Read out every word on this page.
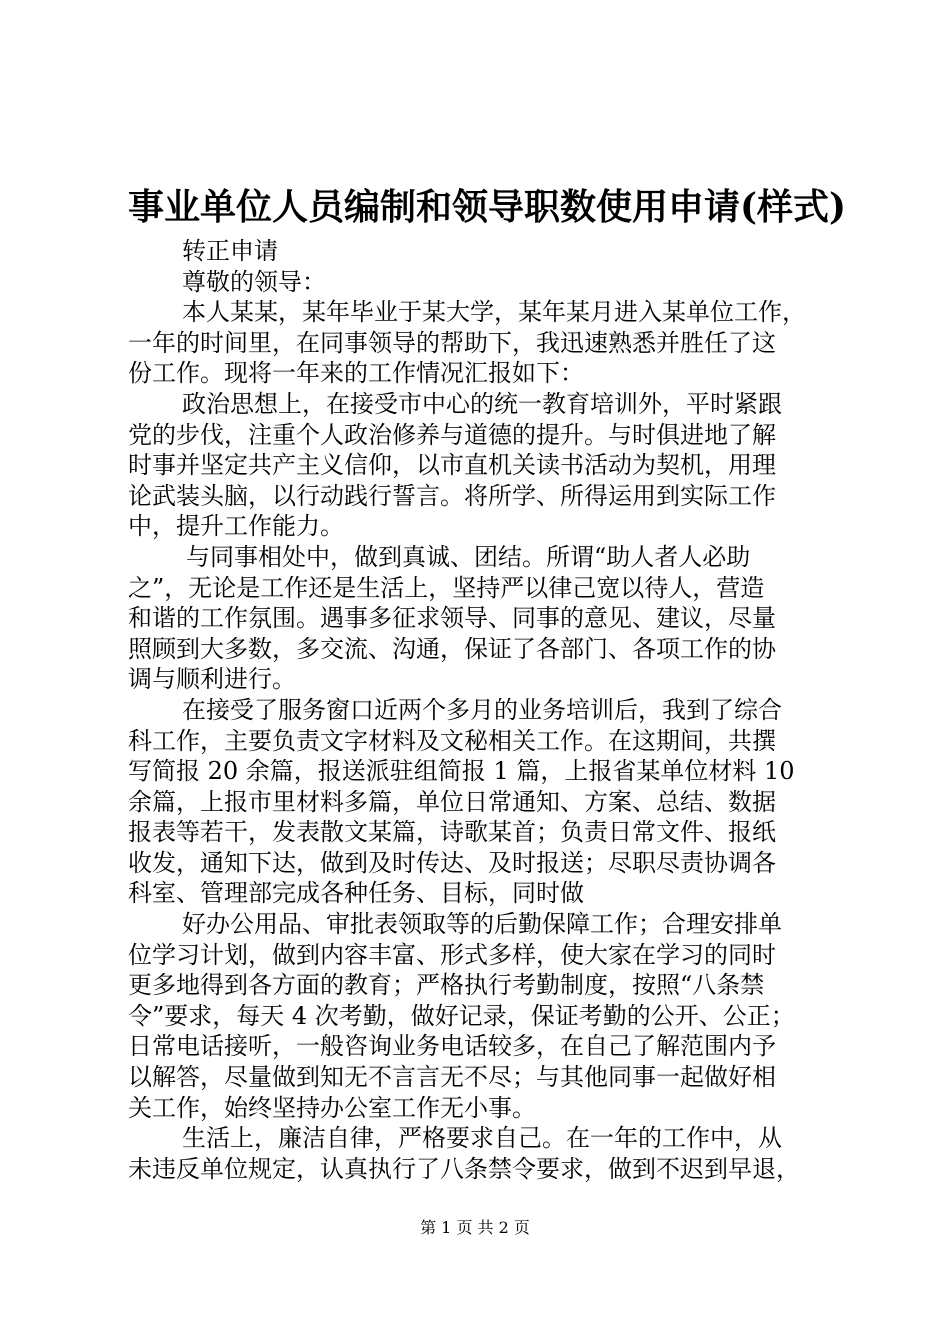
事业单位人员编制和领导职数使用申请(样式)
转正申请
尊敬的领导：
本人某某，某年毕业于某大学，某年某月进入某单位工作，
一年的时间里，在同事领导的帮助下，我迅速熟悉并胜任了这
份工作。现将一年来的工作情况汇报如下：
政治思想上，在接受市中心的统一教育培训外，平时紧跟
党的步伐，注重个人政治修养与道德的提升。与时俱进地了解
时事并坚定共产主义信仰，以市直机关读书活动为契机，用理
论武装头脑，以行动践行誓言。将所学、所得运用到实际工作
中，提升工作能力。
与同事相处中，做到真诚、团结。所谓“助人者人必助
之”，无论是工作还是生活上，坚持严以律己宽以待人，营造
和谐的工作氛围。遇事多征求领导、同事的意见、建议，尽量
照顾到大多数，多交流、沟通，保证了各部门、各项工作的协
调与顺利进行。
在接受了服务窗口近两个多月的业务培训后，我到了综合
科工作，主要负责文字材料及文秘相关工作。在这期间，共撰
写简报 20 余篇，报送派驻组简报 1 篇，上报省某单位材料 10
余篇，上报市里材料多篇，单位日常通知、方案、总结、数据
报表等若干，发表散文某篇，诗歌某首；负责日常文件、报纸
收发，通知下达，做到及时传达、及时报送；尽职尽责协调各
科室、管理部完成各种任务、目标，同时做
好办公用品、审批表领取等的后勤保障工作；合理安排单
位学习计划，做到内容丰富、形式多样，使大家在学习的同时
更多地得到各方面的教育；严格执行考勤制度，按照“八条禁
令”要求，每天 4 次考勤，做好记录，保证考勤的公开、公正；
日常电话接听，一般咨询业务电话较多，在自己了解范围内予
以解答，尽量做到知无不言言无不尽；与其他同事一起做好相
关工作，始终坚持办公室工作无小事。
生活上，廉洁自律，严格要求自己。在一年的工作中，从
未违反单位规定，认真执行了八条禁令要求，做到不迟到早退，
第 1 页 共 2 页
